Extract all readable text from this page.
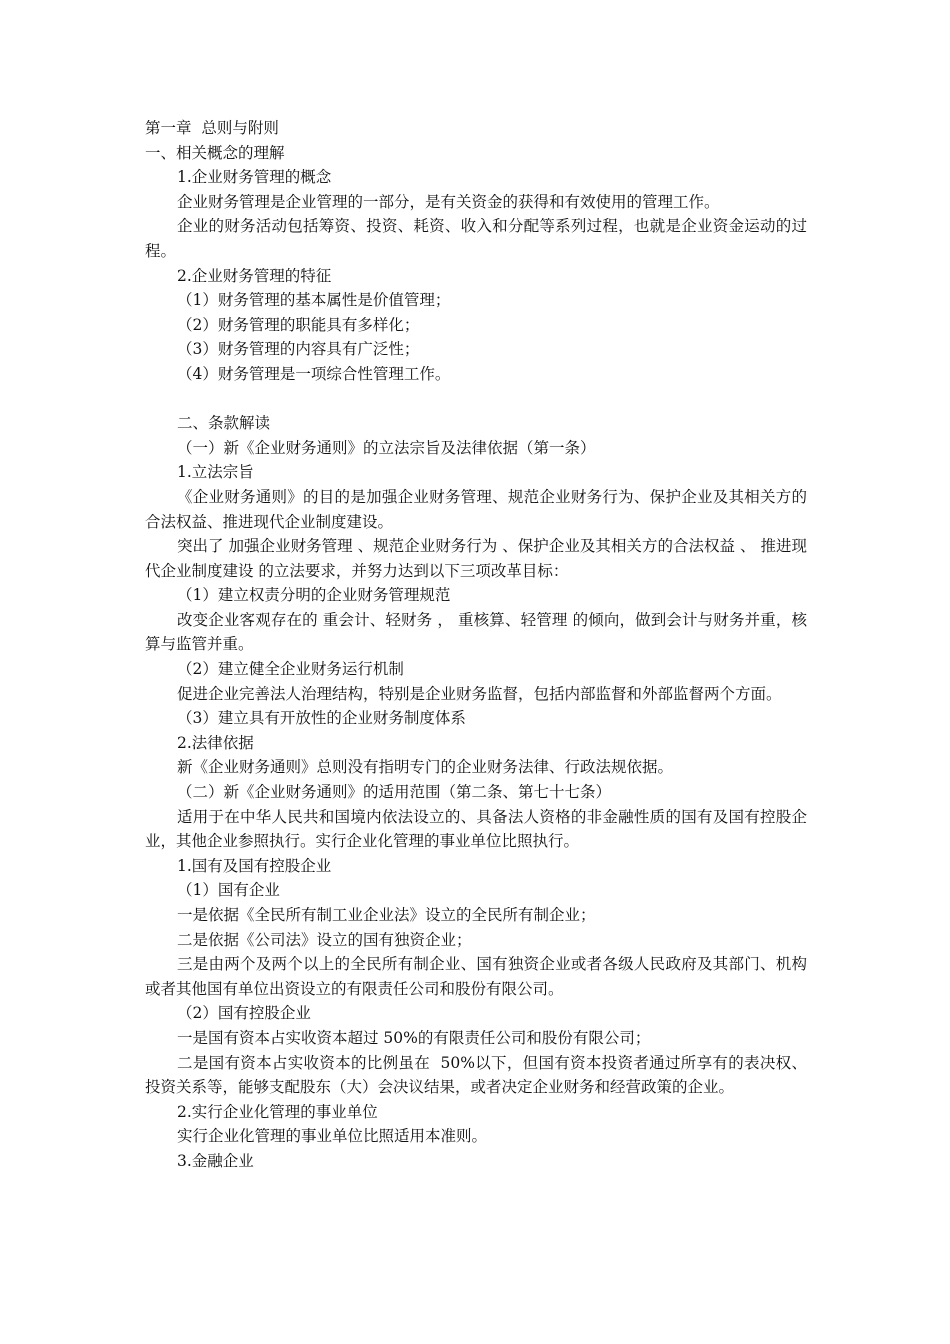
第一章  总则与附则

一、相关概念的理解

1.企业财务管理的概念

企业财务管理是企业管理的一部分，是有关资金的获得和有效使用的管理工作。

企业的财务活动包括筹资、投资、耗资、收入和分配等系列过程，也就是企业资金运动的过程。

2.企业财务管理的特征

（1）财务管理的基本属性是价值管理；

（2）财务管理的职能具有多样化；

（3）财务管理的内容具有广泛性；

（4）财务管理是一项综合性管理工作。

二、条款解读

（一）新《企业财务通则》的立法宗旨及法律依据（第一条）

1.立法宗旨

《企业财务通则》的目的是加强企业财务管理、规范企业财务行为、保护企业及其相关方的合法权益、推进现代企业制度建设。

突出了 加强企业财务管理 、规范企业财务行为 、保护企业及其相关方的合法权益 、 推进现代企业制度建设 的立法要求，并努力达到以下三项改革目标：

（1）建立权责分明的企业财务管理规范

改变企业客观存在的 重会计、轻财务 ， 重核算、轻管理 的倾向，做到会计与财务并重，核算与监管并重。

（2）建立健全企业财务运行机制

促进企业完善法人治理结构，特别是企业财务监督，包括内部监督和外部监督两个方面。

（3）建立具有开放性的企业财务制度体系

2.法律依据

新《企业财务通则》总则没有指明专门的企业财务法律、行政法规依据。

（二）新《企业财务通则》的适用范围（第二条、第七十七条）

适用于在中华人民共和国境内依法设立的、具备法人资格的非金融性质的国有及国有控股企业，其他企业参照执行。实行企业化管理的事业单位比照执行。

1.国有及国有控股企业

（1）国有企业

一是依据《全民所有制工业企业法》设立的全民所有制企业；

二是依据《公司法》设立的国有独资企业；

三是由两个及两个以上的全民所有制企业、国有独资企业或者各级人民政府及其部门、机构或者其他国有单位出资设立的有限责任公司和股份有限公司。

（2）国有控股企业

一是国有资本占实收资本超过 50%的有限责任公司和股份有限公司；

二是国有资本占实收资本的比例虽在  50%以下，但国有资本投资者通过所享有的表决权、投资关系等，能够支配股东（大）会决议结果，或者决定企业财务和经营政策的企业。

2.实行企业化管理的事业单位

实行企业化管理的事业单位比照适用本准则。

3.金融企业
